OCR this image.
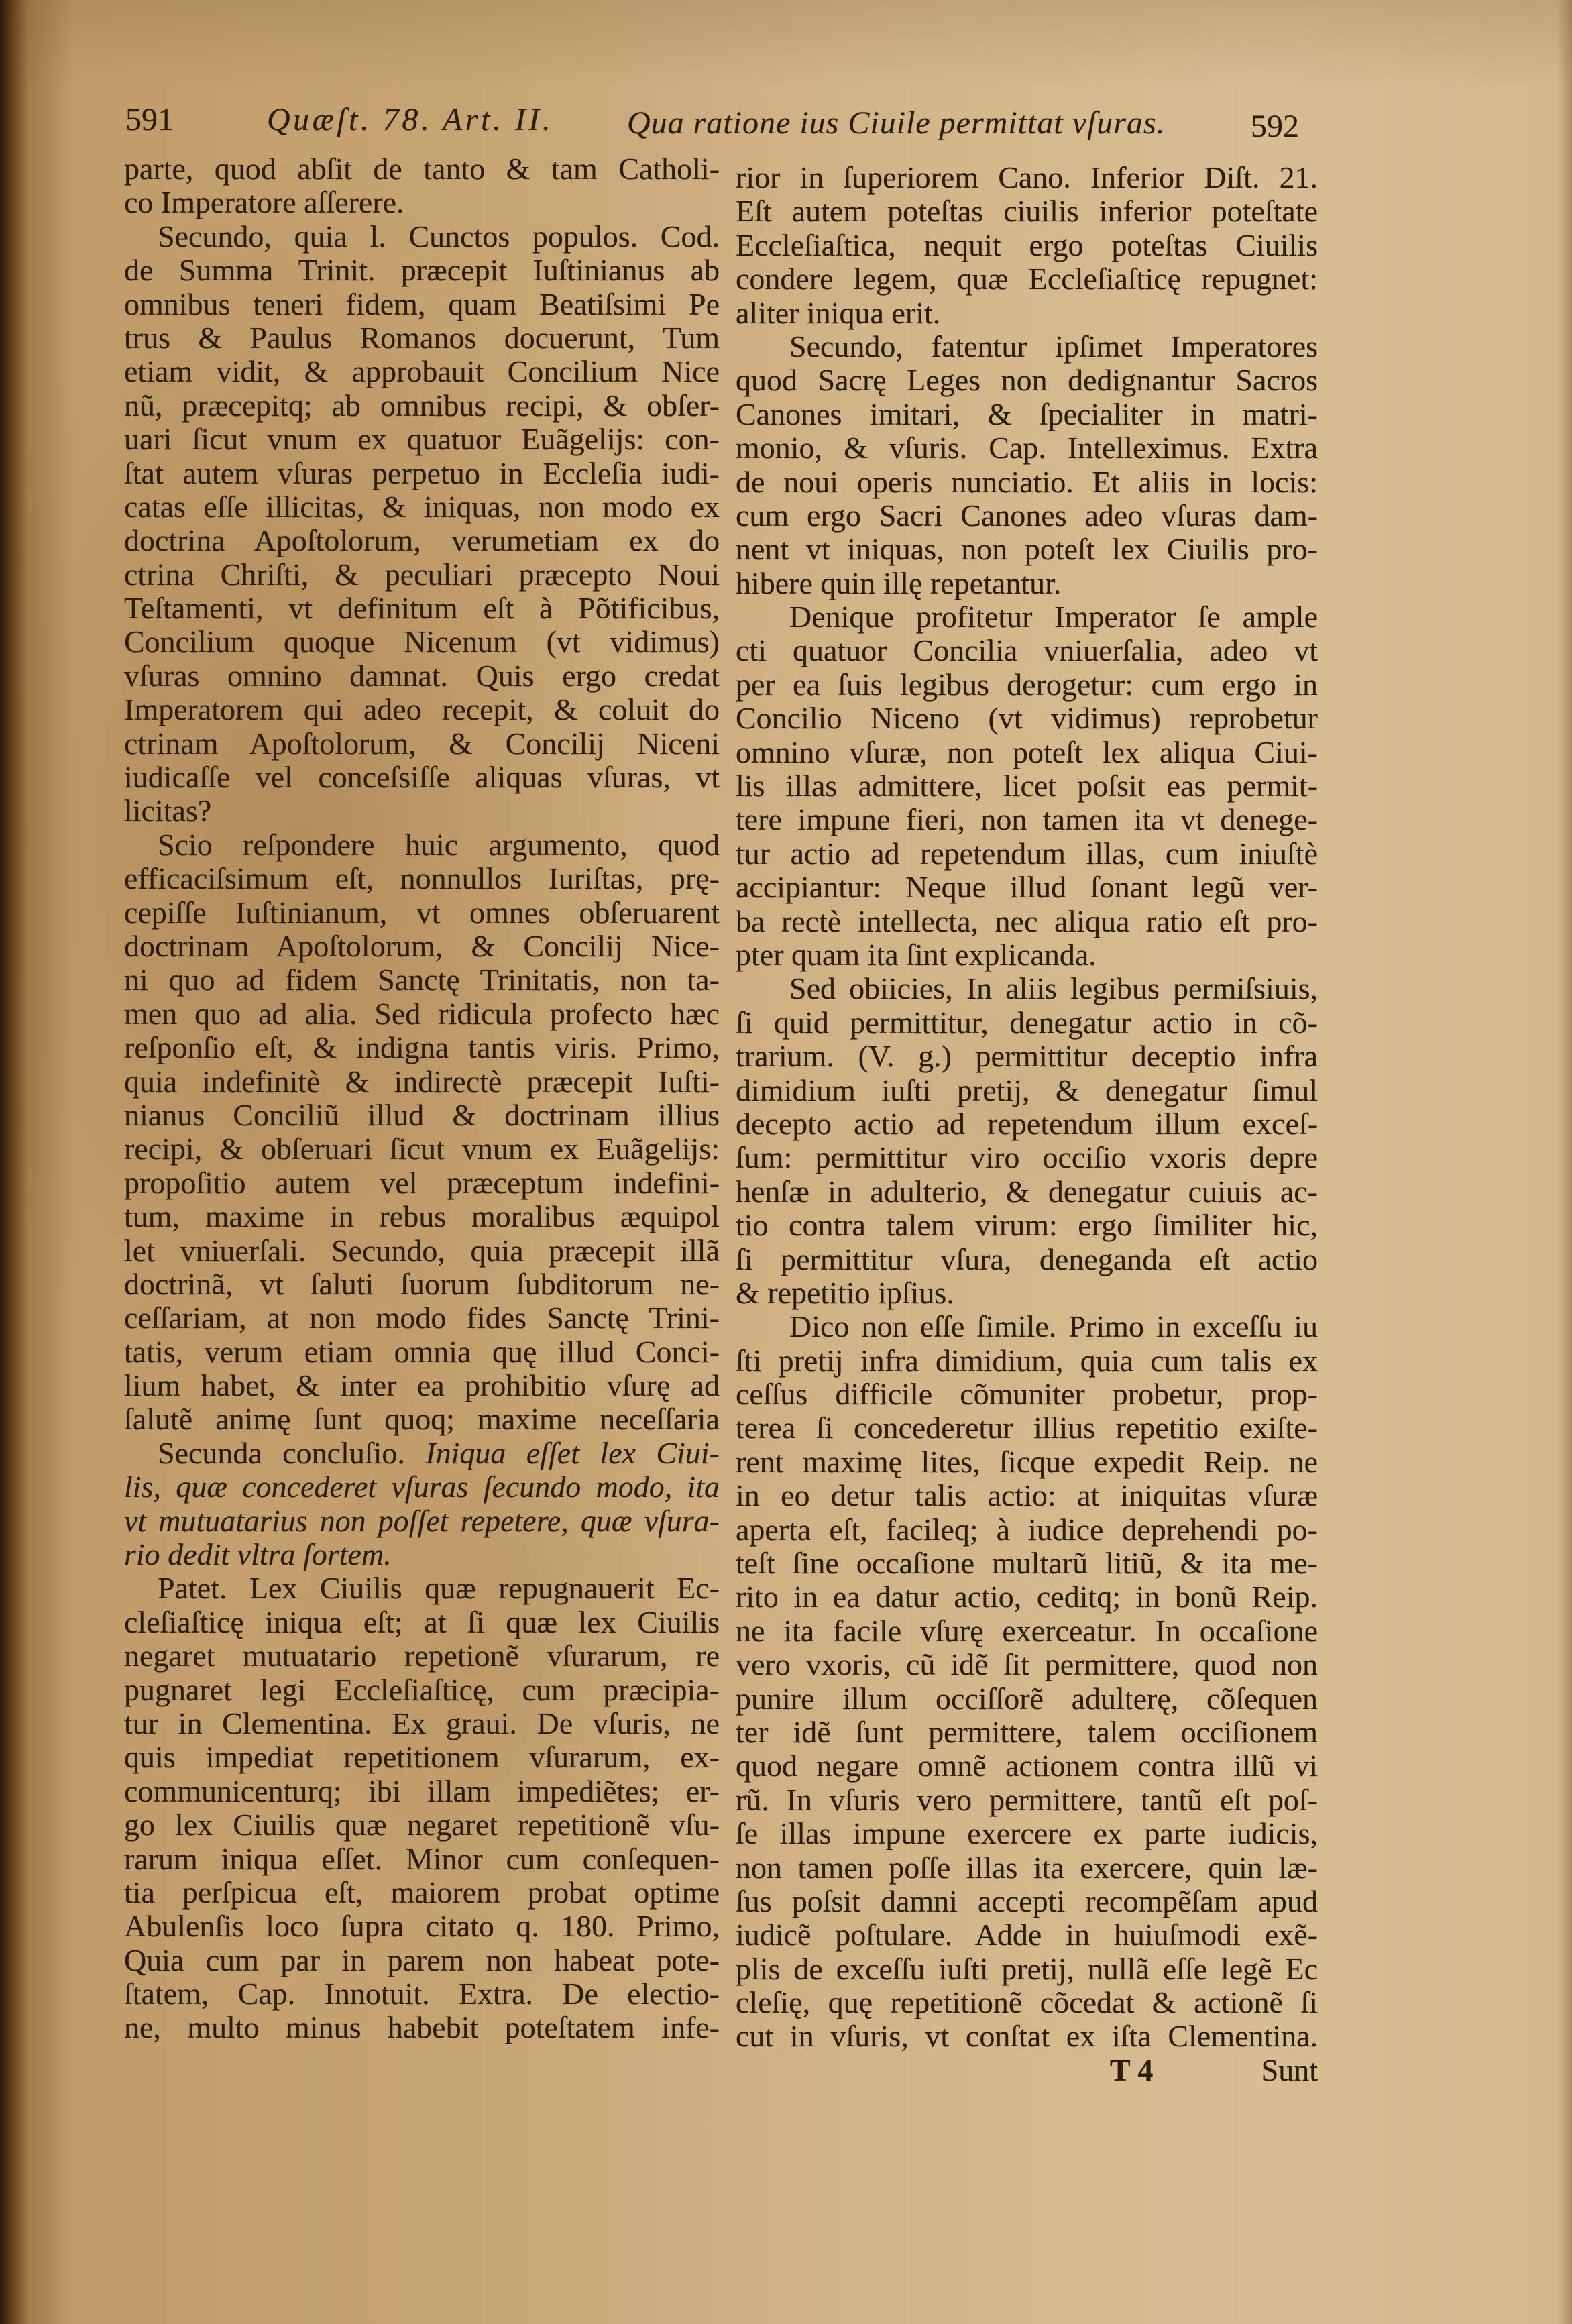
591	Quæſt. 78. Art. II. Qua ratione ius Ciuile permittat vſuras.	592
parte, quod abſit de tanto & tam Catholi-
co Imperatore aſſerere.
Secundo, quia l. Cunctos populos. Cod.
de Summa Trinit. præcepit Iuſtinianus ab
omnibus teneri fidem, quam Beatiſsimi Pe
trus & Paulus Romanos docuerunt, Tum
etiam vidit, & approbauit Concilium Nice
nũ, præcepitq; ab omnibus recipi, & obſer-
uari ſicut vnum ex quatuor Euãgelijs: con-
ſtat autem vſuras perpetuo in Eccleſia iudi-
catas eſſe illicitas, & iniquas, non modo ex
doctrina Apoſtolorum, verumetiam ex do
ctrina Chriſti, & peculiari præcepto Noui
Teſtamenti, vt definitum eſt à Põtificibus,
Concilium quoque Nicenum (vt vidimus)
vſuras omnino damnat. Quis ergo credat
Imperatorem qui adeo recepit, & coluit do
ctrinam Apoſtolorum, & Concilij Niceni
iudicaſſe vel conceſsiſſe aliquas vſuras, vt
licitas?
Scio reſpondere huic argumento, quod
efficaciſsimum eſt, nonnullos Iuriſtas, prę-
cepiſſe Iuſtinianum, vt omnes obſeruarent
doctrinam Apoſtolorum, & Concilij Nice-
ni quo ad fidem Sanctę Trinitatis, non ta-
men quo ad alia. Sed ridicula profecto hæc
reſponſio eſt, & indigna tantis viris. Primo,
quia indefinitè & indirectè præcepit Iuſti-
nianus Conciliũ illud & doctrinam illius
recipi, & obſeruari ſicut vnum ex Euãgelijs:
propoſitio autem vel præceptum indefini-
tum, maxime in rebus moralibus æquipol
let vniuerſali. Secundo, quia præcepit illã
doctrinã, vt ſaluti ſuorum ſubditorum ne-
ceſſariam, at non modo fides Sanctę Trini-
tatis, verum etiam omnia quę illud Conci-
lium habet, & inter ea prohibitio vſurę ad
ſalutẽ animę ſunt quoq; maxime neceſſaria
Secunda concluſio. Iniqua eſſet lex Ciui-
lis, quæ concederet vſuras ſecundo modo, ita
vt mutuatarius non poſſet repetere, quæ vſura-
rio dedit vltra ſortem.
Patet. Lex Ciuilis quæ repugnauerit Ec-
cleſiaſticę iniqua eſt; at ſi quæ lex Ciuilis
negaret mutuatario repetionẽ vſurarum, re
pugnaret legi Eccleſiaſticę, cum præcipia-
tur in Clementina. Ex graui. De vſuris, ne
quis impediat repetitionem vſurarum, ex-
communicenturq; ibi illam impediẽtes; er-
go lex Ciuilis quæ negaret repetitionẽ vſu-
rarum iniqua eſſet. Minor cum conſequen-
tia perſpicua eſt, maiorem probat optime
Abulenſis loco ſupra citato q. 180. Primo,
Quia cum par in parem non habeat pote-
ſtatem, Cap. Innotuit. Extra. De electio-
ne, multo minus habebit poteſtatem infe-
rior in ſuperiorem Cano. Inferior Diſt. 21.
Eſt autem poteſtas ciuilis inferior poteſtate
Eccleſiaſtica, nequit ergo poteſtas Ciuilis
condere legem, quæ Eccleſiaſticę repugnet:
aliter iniqua erit.
Secundo, fatentur ipſimet Imperatores
quod Sacrę Leges non dedignantur Sacros
Canones imitari, & ſpecialiter in matri-
monio, & vſuris. Cap. Intelleximus. Extra
de noui operis nunciatio. Et aliis in locis:
cum ergo Sacri Canones adeo vſuras dam-
nent vt iniquas, non poteſt lex Ciuilis pro-
hibere quin illę repetantur.
Denique profitetur Imperator ſe ample
cti quatuor Concilia vniuerſalia, adeo vt
per ea ſuis legibus derogetur: cum ergo in
Concilio Niceno (vt vidimus) reprobetur
omnino vſuræ, non poteſt lex aliqua Ciui-
lis illas admittere, licet poſsit eas permit-
tere impune fieri, non tamen ita vt denege-
tur actio ad repetendum illas, cum iniuſtè
accipiantur: Neque illud ſonant legũ ver-
ba rectè intellecta, nec aliqua ratio eſt pro-
pter quam ita ſint explicanda.
Sed obiicies, In aliis legibus permiſsiuis,
ſi quid permittitur, denegatur actio in cõ-
trarium. (V. g.) permittitur deceptio infra
dimidium iuſti pretij, & denegatur ſimul
decepto actio ad repetendum illum exceſ-
ſum: permittitur viro occiſio vxoris depre
henſæ in adulterio, & denegatur cuiuis ac-
tio contra talem virum: ergo ſimiliter hic,
ſi permittitur vſura, deneganda eſt actio
& repetitio ipſius.
Dico non eſſe ſimile. Primo in exceſſu iu
ſti pretij infra dimidium, quia cum talis ex
ceſſus difficile cõmuniter probetur, prop-
terea ſi concederetur illius repetitio exiſte-
rent maximę lites, ſicque expedit Reip. ne
in eo detur talis actio: at iniquitas vſuræ
aperta eſt, facileq; à iudice deprehendi po-
teſt ſine occaſione multarũ litiũ, & ita me-
rito in ea datur actio, ceditq; in bonũ Reip.
ne ita facile vſurę exerceatur. In occaſione
vero vxoris, cũ idẽ ſit permittere, quod non
punire illum occiſſorẽ adulterę, cõſequen
ter idẽ ſunt permittere, talem occiſionem
quod negare omnẽ actionem contra illũ vi
rũ. In vſuris vero permittere, tantũ eſt poſ-
ſe illas impune exercere ex parte iudicis,
non tamen poſſe illas ita exercere, quin læ-
ſus poſsit damni accepti recompẽſam apud
iudicẽ poſtulare. Adde in huiuſmodi exẽ-
plis de exceſſu iuſti pretij, nullã eſſe legẽ Ec
cleſię, quę repetitionẽ cõcedat & actionẽ ſi
cut in vſuris, vt conſtat ex iſta Clementina.
T 4	Sunt
